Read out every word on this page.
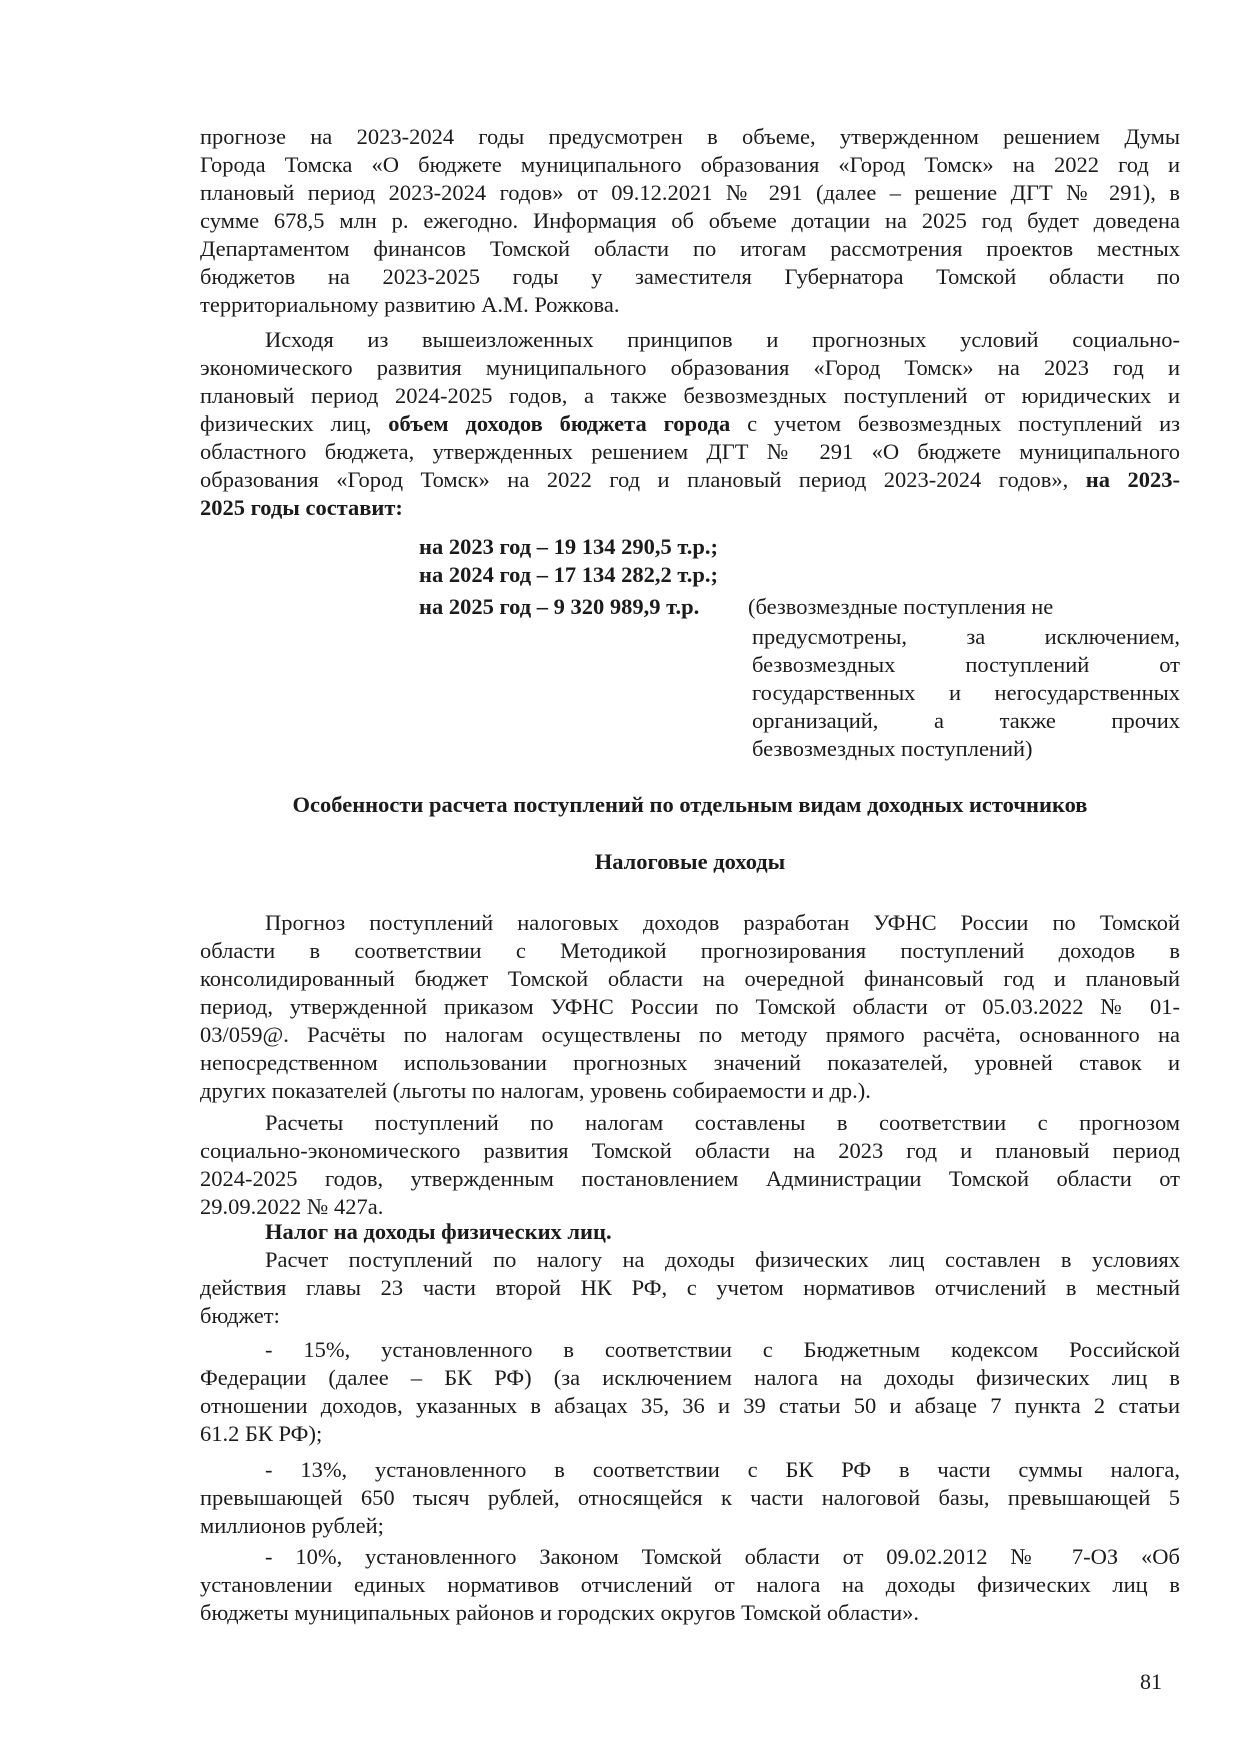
прогнозе на 2023-2024 годы предусмотрен в объеме, утвержденном решением Думы
Города Томска «О бюджете муниципального образования «Город Томск» на 2022 год и
плановый период 2023-2024 годов» от 09.12.2021 № 291 (далее – решение ДГТ № 291), в
сумме 678,5 млн р. ежегодно. Информация об объеме дотации на 2025 год будет доведена
Департаментом финансов Томской области по итогам рассмотрения проектов местных
бюджетов на 2023-2025 годы у заместителя Губернатора Томской области по
территориальному развитию А.М. Рожкова.
Исходя из вышеизложенных принципов и прогнозных условий социально-
экономического развития муниципального образования «Город Томск» на 2023 год и
плановый период 2024-2025 годов, а также безвозмездных поступлений от юридических и
физических лиц, объем доходов бюджета города с учетом безвозмездных поступлений из
областного бюджета, утвержденных решением ДГТ № 291 «О бюджете муниципального
образования «Город Томск» на 2022 год и плановый период 2023-2024 годов», на 2023-
2025 годы составит:
Прогноз поступлений налоговых доходов разработан УФНС России по Томской
области в соответствии с Методикой прогнозирования поступлений доходов в
консолидированный бюджет Томской области на очередной финансовый год и плановый
период, утвержденной приказом УФНС России по Томской области от 05.03.2022 № 01-
03/059@. Расчёты по налогам осуществлены по методу прямого расчёта, основанного на
непосредственном использовании прогнозных значений показателей, уровней ставок и
других показателей (льготы по налогам, уровень собираемости и др.).
Расчеты поступлений по налогам составлены в соответствии с прогнозом
социально-экономического развития Томской области на 2023 год и плановый период
2024-2025 годов, утвержденным постановлением Администрации Томской области от
29.09.2022 № 427а.
Налог на доходы физических лиц.
Расчет поступлений по налогу на доходы физических лиц составлен в условиях
действия главы 23 части второй НК РФ, с учетом нормативов отчислений в местный
бюджет:
- 15%, установленного в соответствии с Бюджетным кодексом Российской
Федерации (далее – БК РФ) (за исключением налога на доходы физических лиц в
отношении доходов, указанных в абзацах 35, 36 и 39 статьи 50 и абзаце 7 пункта 2 статьи
61.2 БК РФ);
- 13%, установленного в соответствии с БК РФ в части суммы налога,
превышающей 650 тысяч рублей, относящейся к части налоговой базы, превышающей 5
миллионов рублей;
- 10%, установленного Законом Томской области от 09.02.2012 № 7-ОЗ «Об
установлении единых нормативов отчислений от налога на доходы физических лиц в
бюджеты муниципальных районов и городских округов Томской области».
на 2023 год – 19 134 290,5 т.р.;
на 2024 год – 17 134 282,2 т.р.;
на 2025 год – 9 320 989,9 т.р. (безвозмездные поступления не
предусмотрены, за исключением,
безвозмездных поступлений от
государственных и негосударственных
организаций, а также прочих
безвозмездных поступлений)
Особенности расчета поступлений по отдельным видам доходных источников
Налоговые доходы
81
